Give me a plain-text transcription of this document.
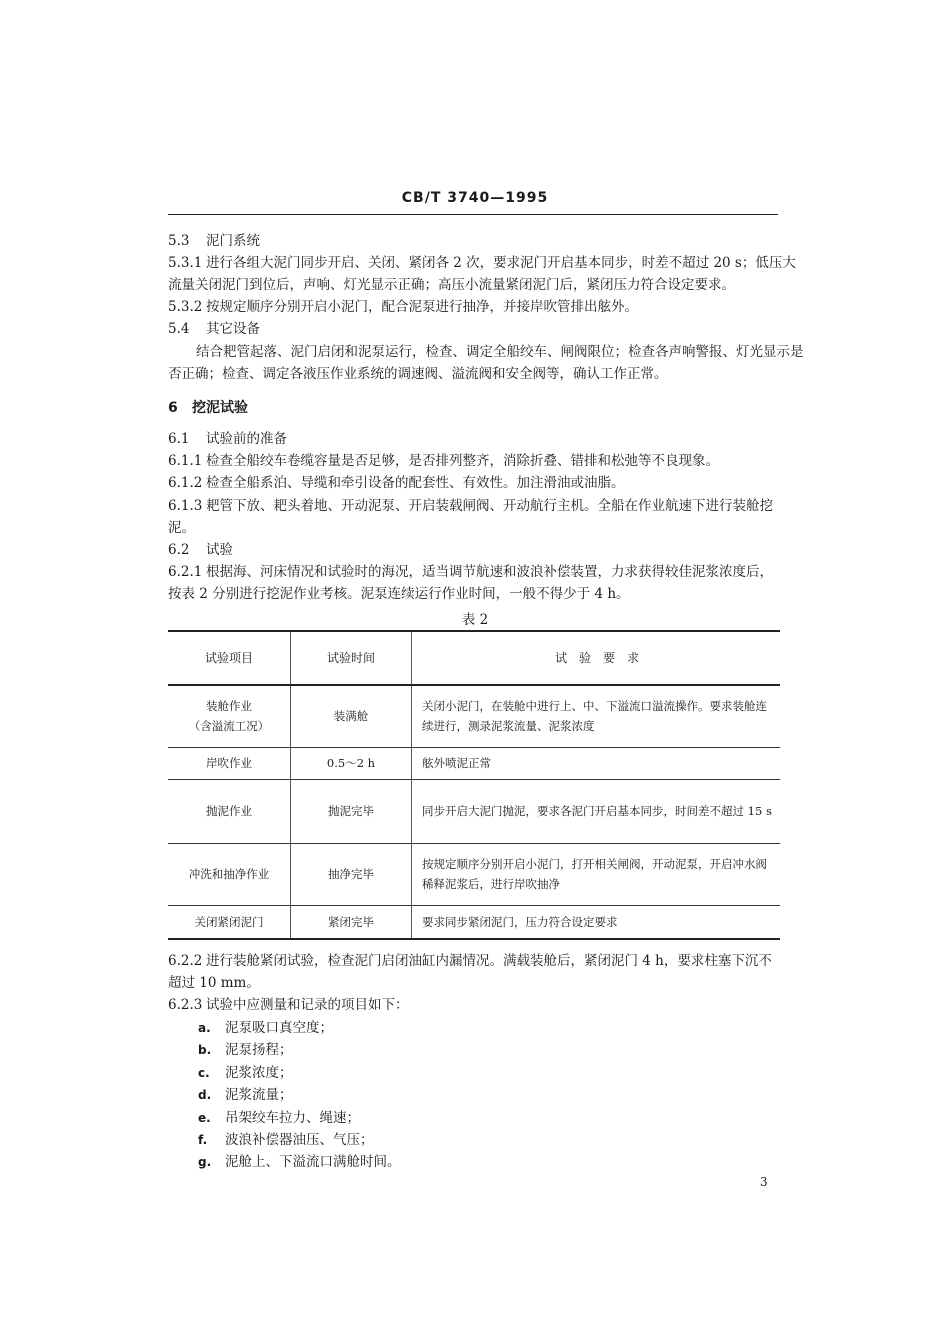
CB/T 3740—1995
5.3 泥门系统
5.3.1 进行各组大泥门同步开启、关闭、紧闭各 2 次，要求泥门开启基本同步，时差不超过 20 s；低压大
流量关闭泥门到位后，声响、灯光显示正确；高压小流量紧闭泥门后，紧闭压力符合设定要求。
5.3.2 按规定顺序分别开启小泥门，配合泥泵进行抽净，并接岸吹管排出舷外。
5.4 其它设备
结合耙管起落、泥门启闭和泥泵运行，检查、调定全船绞车、闸阀限位；检查各声响警报、灯光显示是
否正确；检查、调定各液压作业系统的调速阀、溢流阀和安全阀等，确认工作正常。
6 挖泥试验
6.1 试验前的准备
6.1.1 检查全船绞车卷缆容量是否足够，是否排列整齐，消除折叠、错排和松弛等不良现象。
6.1.2 检查全船系泊、导缆和牵引设备的配套性、有效性。加注滑油或油脂。
6.1.3 耙管下放、耙头着地、开动泥泵、开启装载闸阀、开动航行主机。全船在作业航速下进行装舱挖
泥。
6.2 试验
6.2.1 根据海、河床情况和试验时的海况，适当调节航速和波浪补偿装置，力求获得较佳泥浆浓度后，
按表 2 分别进行挖泥作业考核。泥泵连续运行作业时间，一般不得少于 4 h。
表 2
试验项目	试验时间	试　验　要　求

装舱作业
（含溢流工况）	装满舱	关闭小泥门，在装舱中进行上、中、下溢流口溢流操作。要求装舱连续进行，测录泥浆流量、泥浆浓度
岸吹作业	0.5～2 h	舷外喷泥正常
抛泥作业	抛泥完毕	同步开启大泥门抛泥，要求各泥门开启基本同步，时间差不超过 15 s
冲洗和抽净作业	抽净完毕	按规定顺序分别开启小泥门，打开相关闸阀，开动泥泵，开启冲水阀稀释泥浆后，进行岸吹抽净
关闭紧闭泥门	紧闭完毕	要求同步紧闭泥门，压力符合设定要求
6.2.2 进行装舱紧闭试验，检查泥门启闭油缸内漏情况。满载装舱后，紧闭泥门 4 h，要求柱塞下沉不
超过 10 mm。
6.2.3 试验中应测量和记录的项目如下：
a. 泥泵吸口真空度；
b. 泥泵扬程；
c. 泥浆浓度；
d. 泥浆流量；
e. 吊架绞车拉力、绳速；
f. 波浪补偿器油压、气压；
g. 泥舱上、下溢流口满舱时间。
3
